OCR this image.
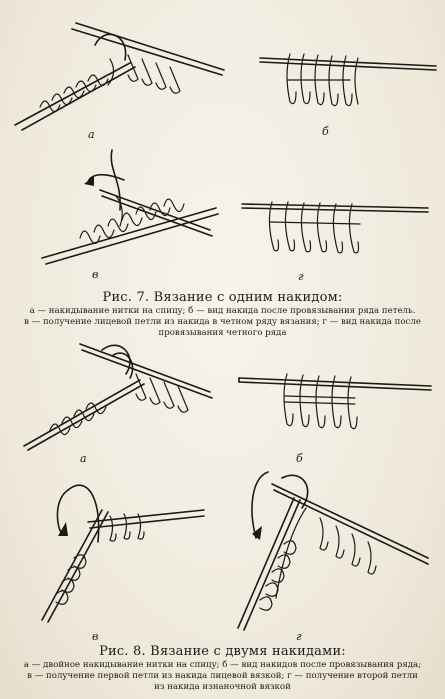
а	б
в	г
Рис. 7. Вязание с одним накидом:

а — накидывание нитки на спицу; б — вид накида после провязывания ряда петель.

в — получение лицевой петли из накида в четном ряду вязания; г — вид накида после

провязывания четного ряда

а	б
в	г
Рис. 8. Вязание с двумя накидами:

а — двойное накидывание нитки на спицу; б — вид накидов после провязывания ряда;

в — получение первой петли из накида лицевой вязкой; г — получение второй петли

из накида изнаночной вязкой
